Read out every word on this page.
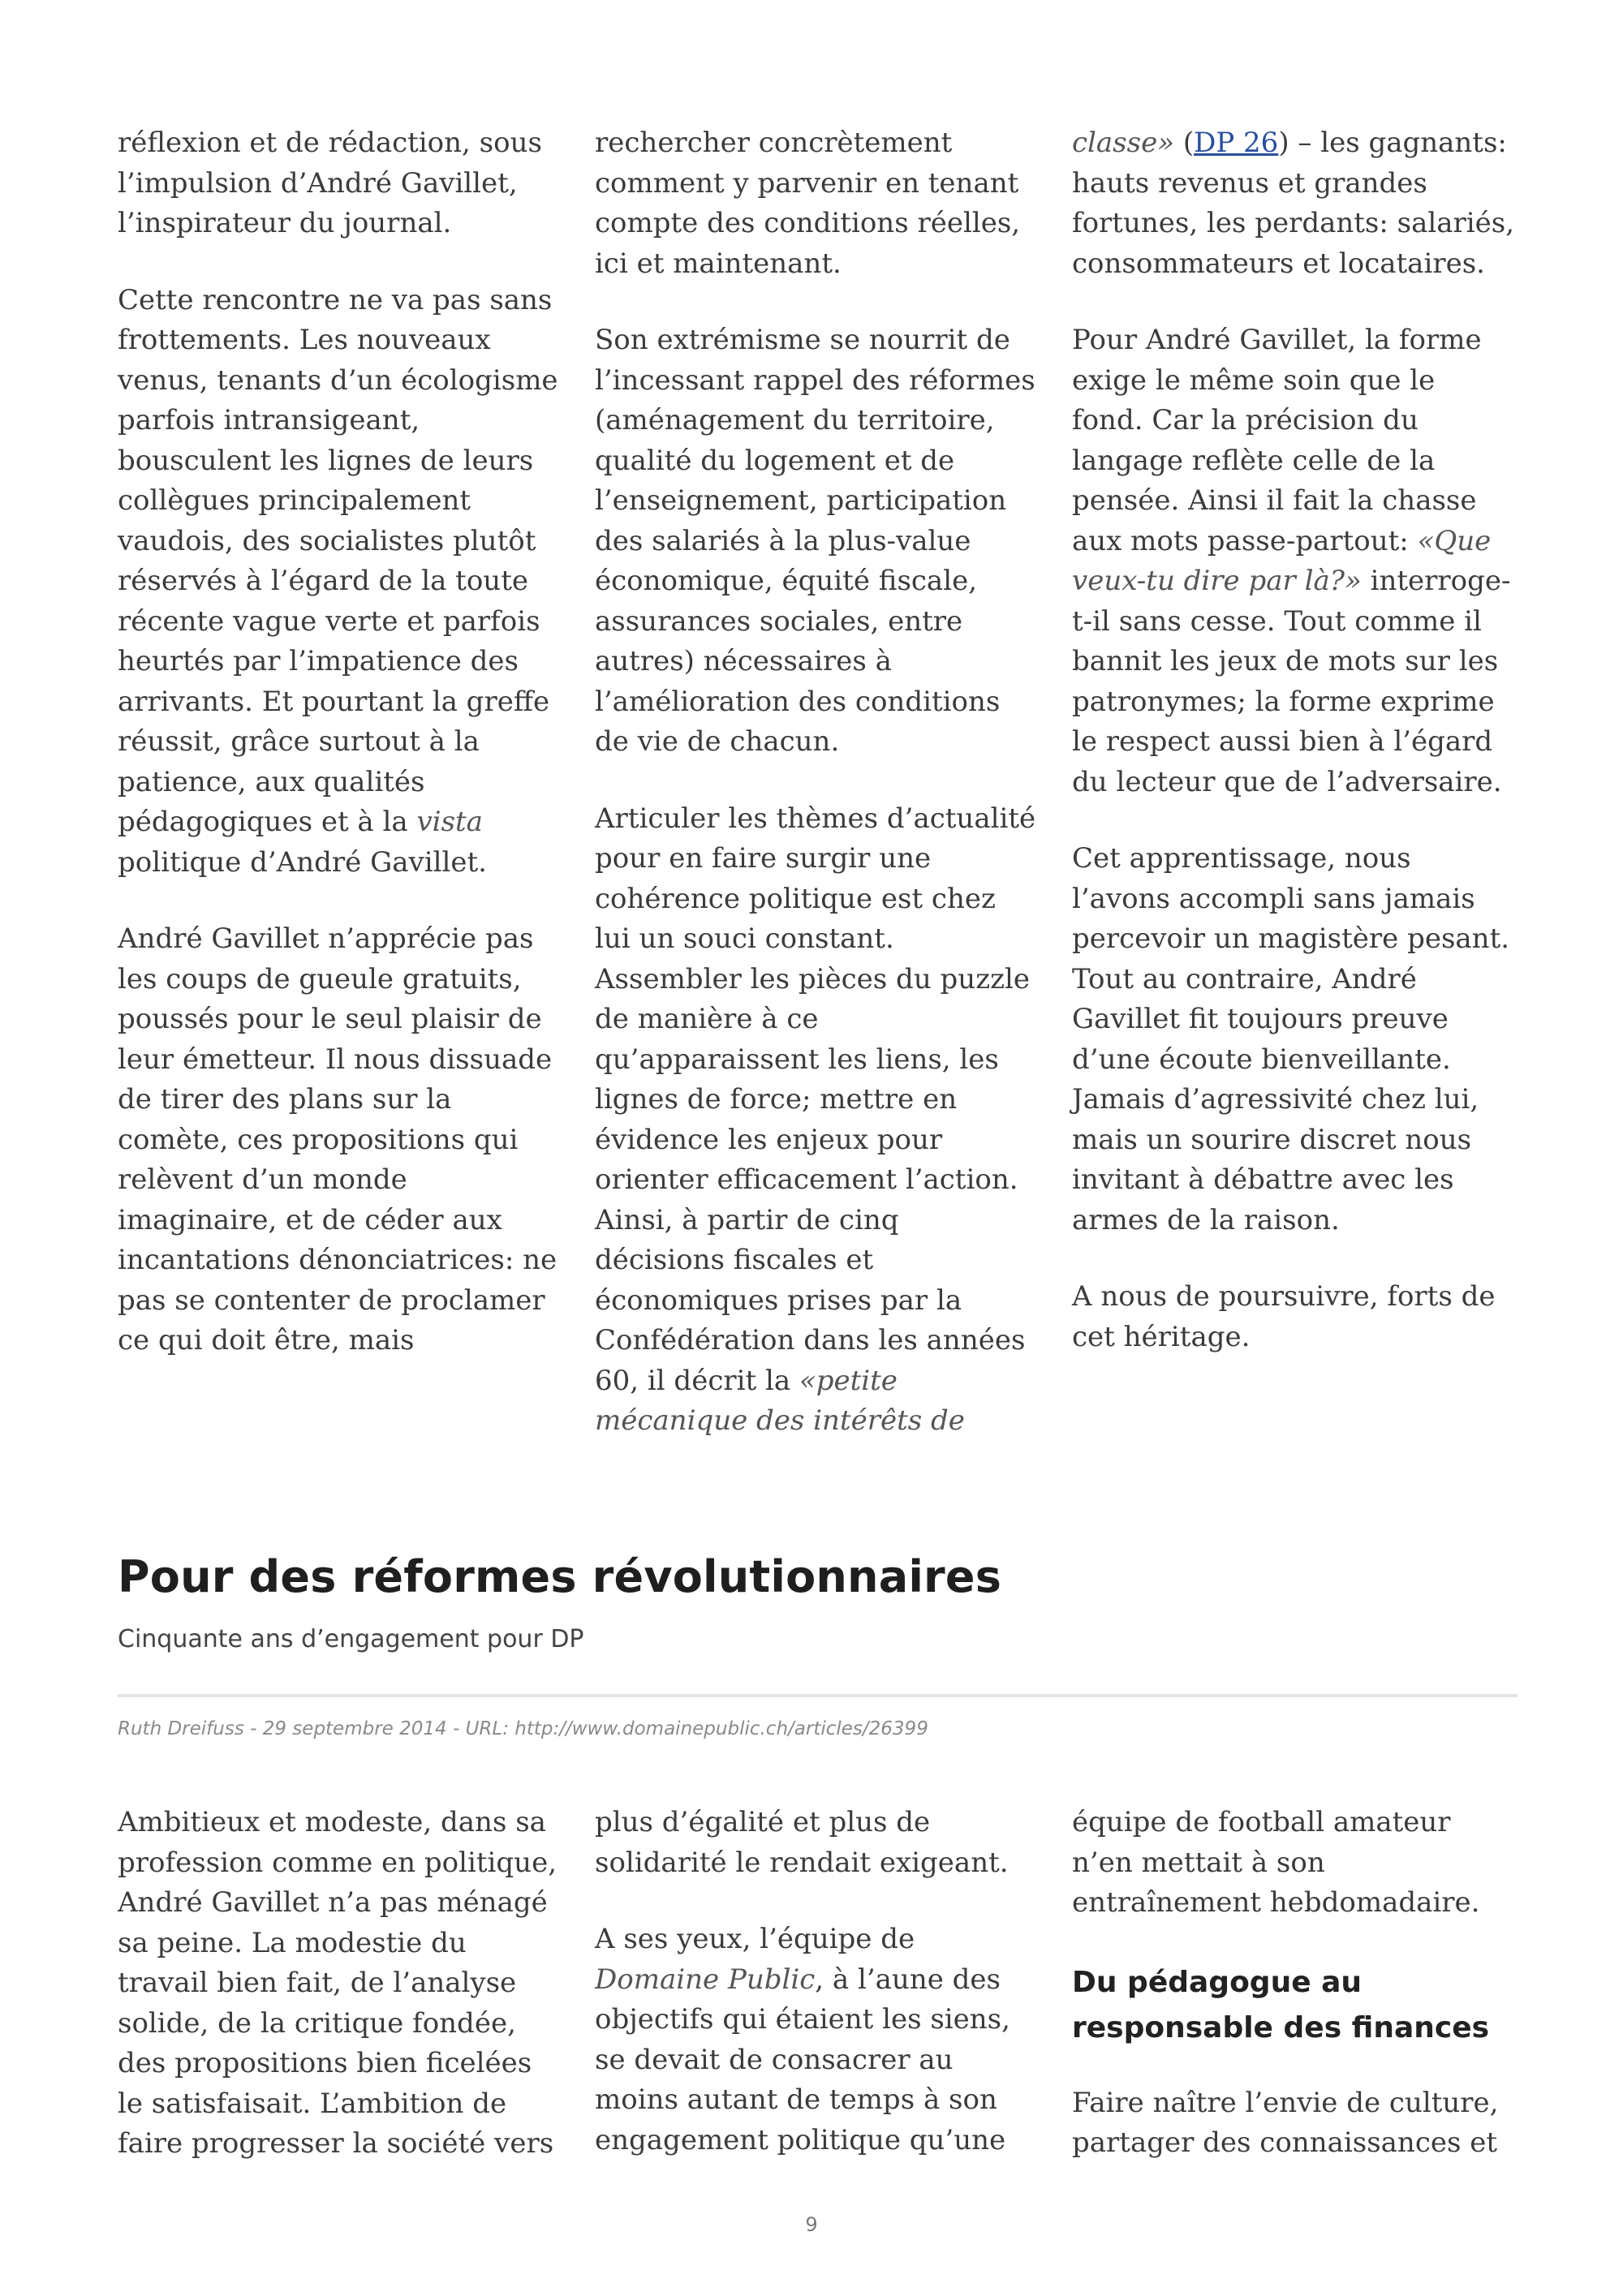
réflexion et de rédaction, sous l’impulsion d’André Gavillet, l’inspirateur du journal.

Cette rencontre ne va pas sans frottements. Les nouveaux venus, tenants d’un écologisme parfois intransigeant, bousculent les lignes de leurs collègues principalement vaudois, des socialistes plutôt réservés à l’égard de la toute récente vague verte et parfois heurtés par l’impatience des arrivants. Et pourtant la greffe réussit, grâce surtout à la patience, aux qualités pédagogiques et à la vista politique d’André Gavillet.

André Gavillet n’apprécie pas les coups de gueule gratuits, poussés pour le seul plaisir de leur émetteur. Il nous dissuade de tirer des plans sur la comète, ces propositions qui relèvent d’un monde imaginaire, et de céder aux incantations dénonciatrices: ne pas se contenter de proclamer ce qui doit être, mais

rechercher concrètement comment y parvenir en tenant compte des conditions réelles, ici et maintenant.

Son extrémisme se nourrit de l’incessant rappel des réformes (aménagement du territoire, qualité du logement et de l’enseignement, participation des salariés à la plus-value économique, équité fiscale, assurances sociales, entre autres) nécessaires à l’amélioration des conditions de vie de chacun.

Articuler les thèmes d’actualité pour en faire surgir une cohérence politique est chez lui un souci constant. Assembler les pièces du puzzle de manière à ce qu’apparaissent les liens, les lignes de force; mettre en évidence les enjeux pour orienter efficacement l’action. Ainsi, à partir de cinq décisions fiscales et économiques prises par la Confédération dans les années 60, il décrit la «petite mécanique des intérêts de

classe» (DP 26) – les gagnants: hauts revenus et grandes fortunes, les perdants: salariés, consommateurs et locataires.

Pour André Gavillet, la forme exige le même soin que le fond. Car la précision du langage reflète celle de la pensée. Ainsi il fait la chasse aux mots passe-partout: «Que veux-tu dire par là?» interroge-t-il sans cesse. Tout comme il bannit les jeux de mots sur les patronymes; la forme exprime le respect aussi bien à l’égard du lecteur que de l’adversaire.

Cet apprentissage, nous l’avons accompli sans jamais percevoir un magistère pesant. Tout au contraire, André Gavillet fit toujours preuve d’une écoute bienveillante. Jamais d’agressivité chez lui, mais un sourire discret nous invitant à débattre avec les armes de la raison.

A nous de poursuivre, forts de cet héritage.

Pour des réformes révolutionnaires

Cinquante ans d’engagement pour DP

Ruth Dreifuss - 29 septembre 2014 - URL: http://www.domainepublic.ch/articles/26399

Ambitieux et modeste, dans sa profession comme en politique, André Gavillet n’a pas ménagé sa peine. La modestie du travail bien fait, de l’analyse solide, de la critique fondée, des propositions bien ficelées le satisfaisait. L’ambition de faire progresser la société vers

plus d’égalité et plus de solidarité le rendait exigeant.

A ses yeux, l’équipe de Domaine Public, à l’aune des objectifs qui étaient les siens, se devait de consacrer au moins autant de temps à son engagement politique qu’une

équipe de football amateur n’en mettait à son entraînement hebdomadaire.

Du pédagogue au responsable des finances

Faire naître l’envie de culture, partager des connaissances et

9
